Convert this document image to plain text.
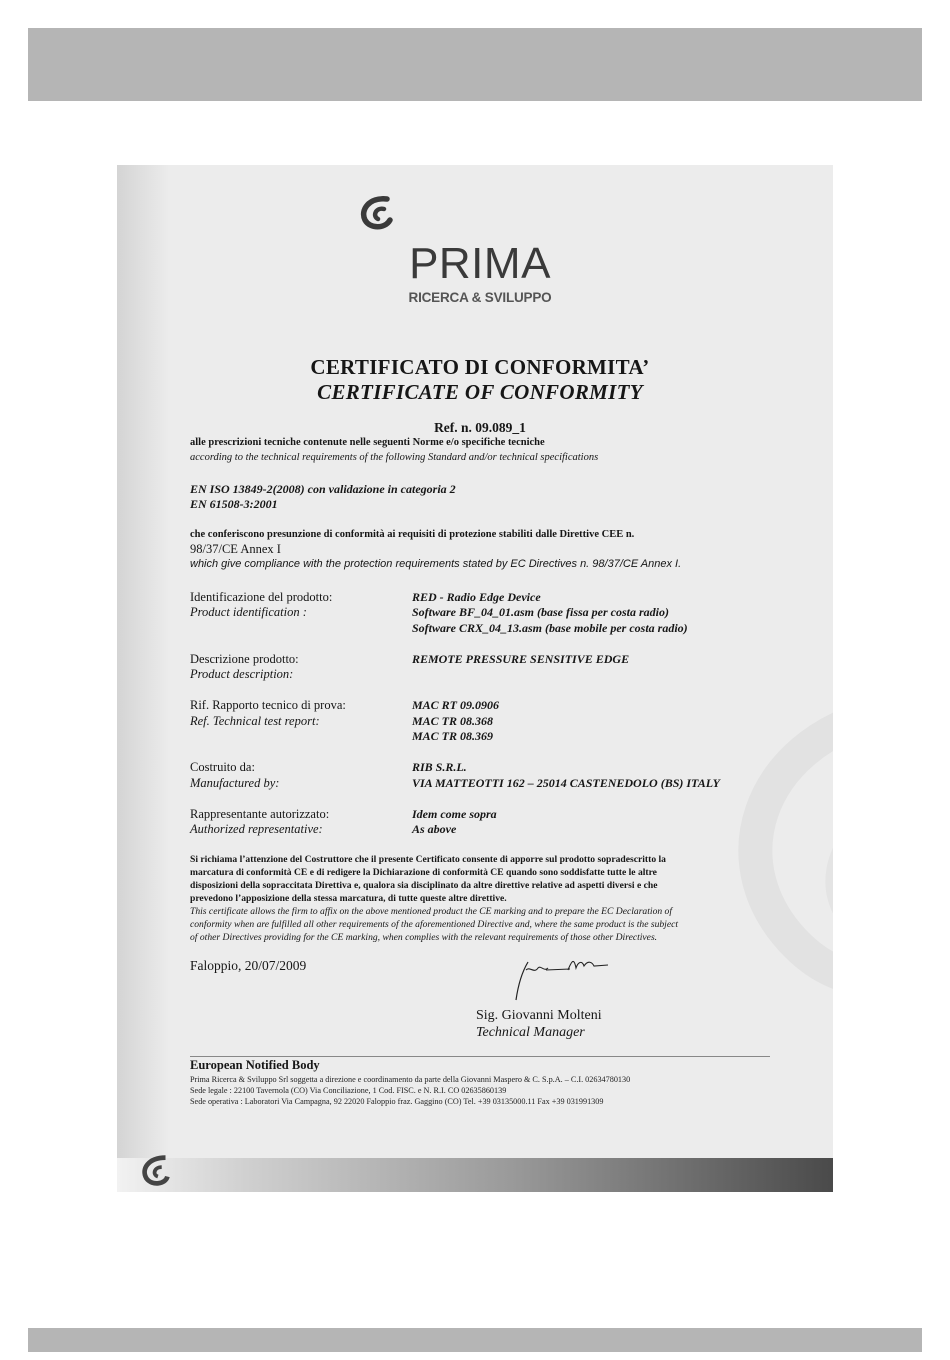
PRIMA
RICERCA & SVILUPPO
CERTIFICATO DI CONFORMITA’
CERTIFICATE OF CONFORMITY
Ref. n. 09.089_1
alle prescrizioni tecniche contenute nelle seguenti Norme e/o specifiche tecniche
according to the technical requirements of the following Standard and/or technical specifications
EN ISO 13849-2(2008) con validazione in categoria 2
EN 61508-3:2001
che conferiscono presunzione di conformità ai requisiti di protezione stabiliti dalle Direttive CEE n.
98/37/CE Annex I
which give compliance with the protection requirements stated by EC Directives n. 98/37/CE Annex I.
Identificazione del prodotto:
Product identification :
RED - Radio Edge Device
Software BF_04_01.asm (base fissa per costa radio)
Software CRX_04_13.asm (base mobile per costa radio)
Descrizione prodotto:
Product description:
REMOTE PRESSURE SENSITIVE EDGE
Rif. Rapporto tecnico di prova:
Ref. Technical test report:
MAC RT 09.0906
MAC TR 08.368
MAC TR 08.369
Costruito da:
Manufactured by:
RIB S.R.L.
VIA MATTEOTTI 162 – 25014 CASTENEDOLO (BS) ITALY
Rappresentante autorizzato:
Authorized representative:
Idem come sopra
As above
Si richiama l’attenzione del Costruttore che il presente Certificato consente di apporre sul prodotto sopradescritto la
marcatura di conformità CE e di redigere la Dichiarazione di conformità CE quando sono soddisfatte tutte le altre
disposizioni della sopraccitata Direttiva e, qualora sia disciplinato da altre direttive relative ad aspetti diversi e che
prevedono l’apposizione della stessa marcatura, di tutte queste altre direttive.
This certificate allows the firm to affix on the above mentioned product the CE marking and to prepare the EC Declaration of
conformity when are fulfilled all other requirements of the aforementioned Directive and, where the same product is the subject
of other Directives providing for the CE marking, when complies with the relevant requirements of those other Directives.
Faloppio, 20/07/2009
Sig. Giovanni Molteni
Technical Manager
European Notified Body
Prima Ricerca & Sviluppo Srl soggetta a direzione e coordinamento da parte della Giovanni Maspero & C. S.p.A. – C.I. 02634780130
Sede legale : 22100 Tavernola (CO) Via Conciliazione, 1 Cod. FISC. e N. R.I. CO 02635860139
Sede operativa : Laboratori Via Campagna, 92 22020 Faloppio fraz. Gaggino (CO) Tel. +39 03135000.11 Fax +39 031991309
